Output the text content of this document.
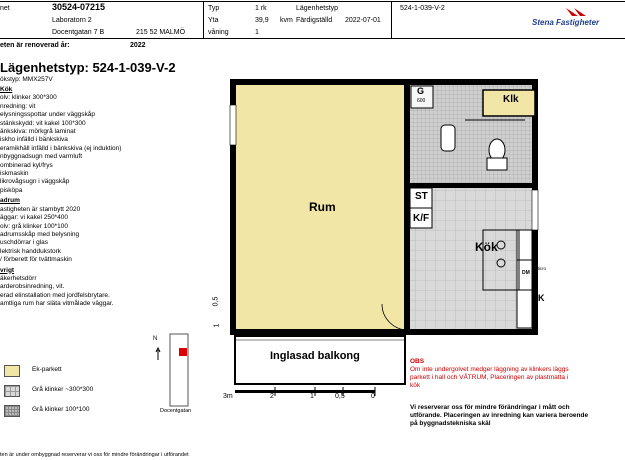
net
	30524-07215
Laboratorn 2
Docentgatan 7 B	215 52 MALMÖ
Typ	1 rk
Yta	39,9 kvm
våning	1
Lägenhetstyp	524-1-039-V-2
Färdigställd 2022-07-01
eten är renoverad år:	2022
Stena Fastigheter
Lägenhetstyp: 524-1-039-V-2
ökstyp: MMX257V
Kök
olv: klinker 300*300
nredning: vit
elysningsspottar under väggskåp
stänkskydd: vit kakel 100*300
änkskiva: mörkgrå laminat
iskho infälld i bänkskiva
eramikhäll infälld i bänkskiva (ej induktion)
nbyggnadsugn med varmluft
ombinerad kyl/frys
iskmaskin
likrovågsugn i väggskåp
pisköpa
adrum
astigheten är stambytt 2020
äggar: vi kakel 250*400
olv: grå klinker 100*100
adrumsskåp med belysning
uschdörrar i glas
lektrisk handdukstork
/ förberett för tvättmaskin
vrigt
äkerhetsdörr
arderobsinredning, vit.
erad elinstallation med jordfelsbrytare.
amtliga rum har släta vitmålade väggar.
Ek-parkett
Grå klinker ~300*300
Grå klinker 100*100
N
Docentgatan
Rum
Kök
Klk
G
600
ST
K/F
SK
DM
Micro
Inglasad balkong
3m	2	1	0,5	0
0,5
1
OBS
Om inte undergolvet medger läggning av klinkers läggs parkett i hall och VÅTRUM, Placeringen av plastmatta i kök
Vi reserverar oss för mindre förändringar i mått och utförande. Placeringen av inredning kan variera beroende på byggnadstekniska skäl
ten är under ombyggnad reserverar vi oss för mindre förändringar i utförandet
